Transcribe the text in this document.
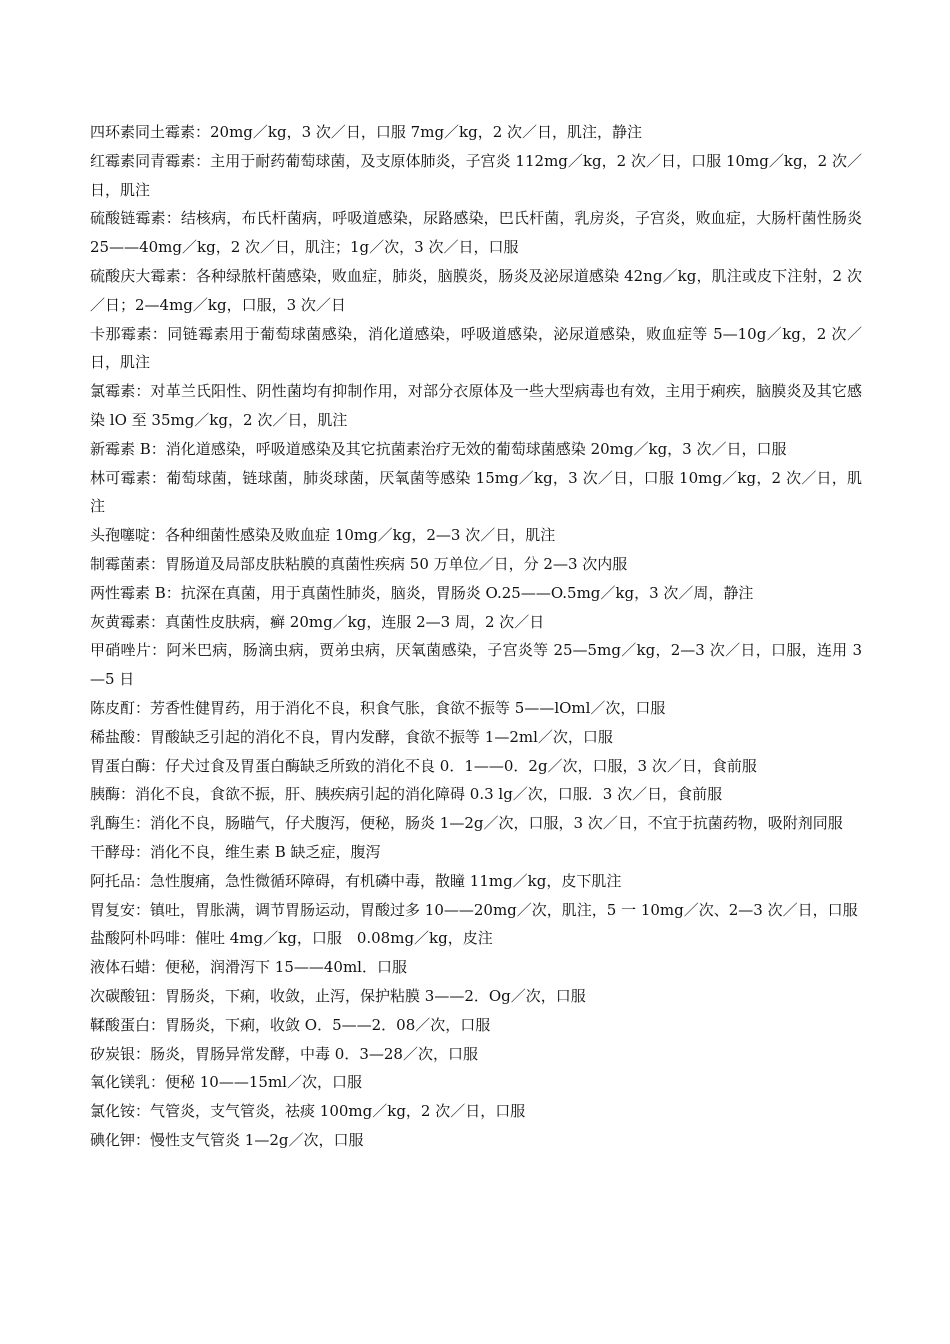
四环素同土霉素：20mg／kg，3 次／日，口服 7mg／kg，2 次／日，肌注，静注

红霉素同青霉素：主用于耐药葡萄球菌，及支原体肺炎，子宫炎 112mg／kg，2 次／日，口服 10mg／kg，2 次／日，肌注

硫酸链霉素：结核病，布氏杆菌病，呼吸道感染，尿路感染，巴氏杆菌，乳房炎，子宫炎，败血症，大肠杆菌性肠炎 25——40mg／kg，2 次／日，肌注；1g／次，3 次／日，口服

硫酸庆大霉素：各种绿脓杆菌感染，败血症，肺炎，脑膜炎，肠炎及泌尿道感染 42ng／kg，肌注或皮下注射，2 次／日；2—4mg／kg，口服，3 次／日

卡那霉素：同链霉素用于葡萄球菌感染，消化道感染，呼吸道感染，泌尿道感染，败血症等 5—10g／kg，2 次／日，肌注

氯霉素：对革兰氏阳性、阴性菌均有抑制作用，对部分衣原体及一些大型病毒也有效，主用于痢疾，脑膜炎及其它感染 lO 至 35mg／kg，2 次／日，肌注

新霉素 B：消化道感染，呼吸道感染及其它抗菌素治疗无效的葡萄球菌感染 20mg／kg，3 次／日，口服

林可霉素：葡萄球菌，链球菌，肺炎球菌，厌氧菌等感染 15mg／kg，3 次／日，口服 10mg／kg，2 次／日，肌注

头孢噻啶：各种细菌性感染及败血症 10mg／kg，2—3 次／日，肌注

制霉菌素：胃肠道及局部皮肤粘膜的真菌性疾病 50 万单位／日，分 2—3 次内服

两性霉素 B：抗深在真菌，用于真菌性肺炎，脑炎，胃肠炎 O.25——O.5mg／kg，3 次／周，静注

灰黄霉素：真菌性皮肤病，癣 20mg／kg，连服 2—3 周，2 次／日

甲硝唑片：阿米巴病，肠滴虫病，贾弟虫病，厌氧菌感染，子宫炎等 25—5mg／kg，2—3 次／日，口服，连用 3—5 日

陈皮酊：芳香性健胃药，用于消化不良，积食气胀，食欲不振等 5——lOml／次，口服

稀盐酸：胃酸缺乏引起的消化不良，胃内发酵，食欲不振等 1—2ml／次，口服

胃蛋白酶：仔犬过食及胃蛋白酶缺乏所致的消化不良 0．1——0．2g／次，口服，3 次／日，食前服

胰酶：消化不良，食欲不振，肝、胰疾病引起的消化障碍 0.3 lg／次，口服．3 次／日，食前服

乳酶生：消化不良，肠瞄气，仔犬腹泻，便秘，肠炎 1—2g／次，口服，3 次／日，不宜于抗菌药物，吸附剂同服

干酵母：消化不良，维生素 B 缺乏症，腹泻

阿托品：急性腹痛，急性微循环障碍，有机磷中毒，散瞳 11mg／kg，皮下肌注

胃复安：镇吐，胃胀满，调节胃肠运动，胃酸过多 10——20mg／次，肌注，5 一 10mg／次、2—3 次／日，口服

盐酸阿朴吗啡：催吐 4mg／kg，口服　0.08mg／kg，皮注

液体石蜡：便秘，润滑泻下 15——40ml．口服

次碳酸钮：胃肠炎，下痢，收敛，止泻，保护粘膜 3——2．Og／次，口服

鞣酸蛋白：胃肠炎，下痢，收敛 O．5——2．08／次，口服

矽炭银：肠炎，胃肠异常发酵，中毒 0．3—28／次，口服

氧化镁乳：便秘 10——15ml／次，口服

氯化铵：气管炎，支气管炎，祛痰 100mg／kg，2 次／日，口服

碘化钾：慢性支气管炎 1—2g／次，口服
